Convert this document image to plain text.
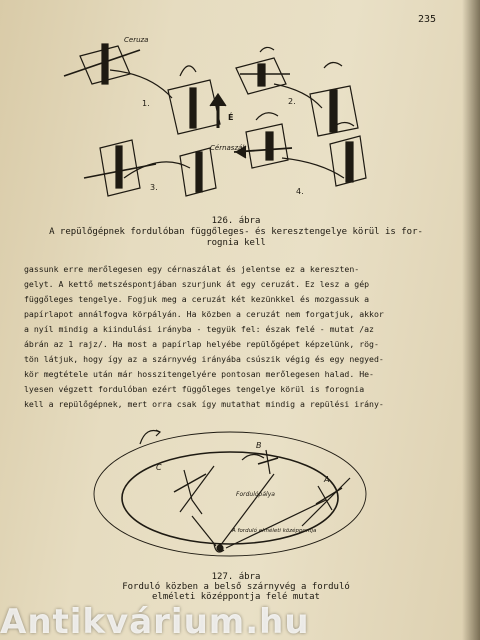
235
Ceruza
Cérnaszál
1.	2.
3.	4.
É
126. ábra
A repülőgépnek fordulóban függőleges- és keresztengelye körül is for-
rognia kell
gassunk erre merőlegesen egy cérnaszálat és jelentse ez a kereszten-
gelyt. A kettő metszéspontjában szurjunk át egy ceruzát. Ez lesz a gép
függőleges tengelye. Fogjuk meg a ceruzát két kezünkkel és mozgassuk a
papírlapot annálfogva körpályán. Ha közben a ceruzát nem forgatjuk, akkor
a nyíl mindig a kiindulási irányba - tegyük fel: észak felé - mutat /az
ábrán az 1 rajz/. Ha most a papírlap helyébe repülőgépet képzelünk, rög-
tön látjuk, hogy így az a szárnyvég irányába csúszik végig és egy negyed-
kör megtétele után már hosszitengelyére pontosan merőlegesen halad. He-
lyesen végzett fordulóban ezért függőleges tengelye körül is forognia
kell a repülőgépnek, mert orra csak így mutathat mindig a repülési irány-
C
B
A
Fordulópálya
A forduló elméleti középpontja
127. ábra
Forduló közben a belső szárnyvég a forduló
elméleti középpontja felé mutat
Antikvárium.hu
